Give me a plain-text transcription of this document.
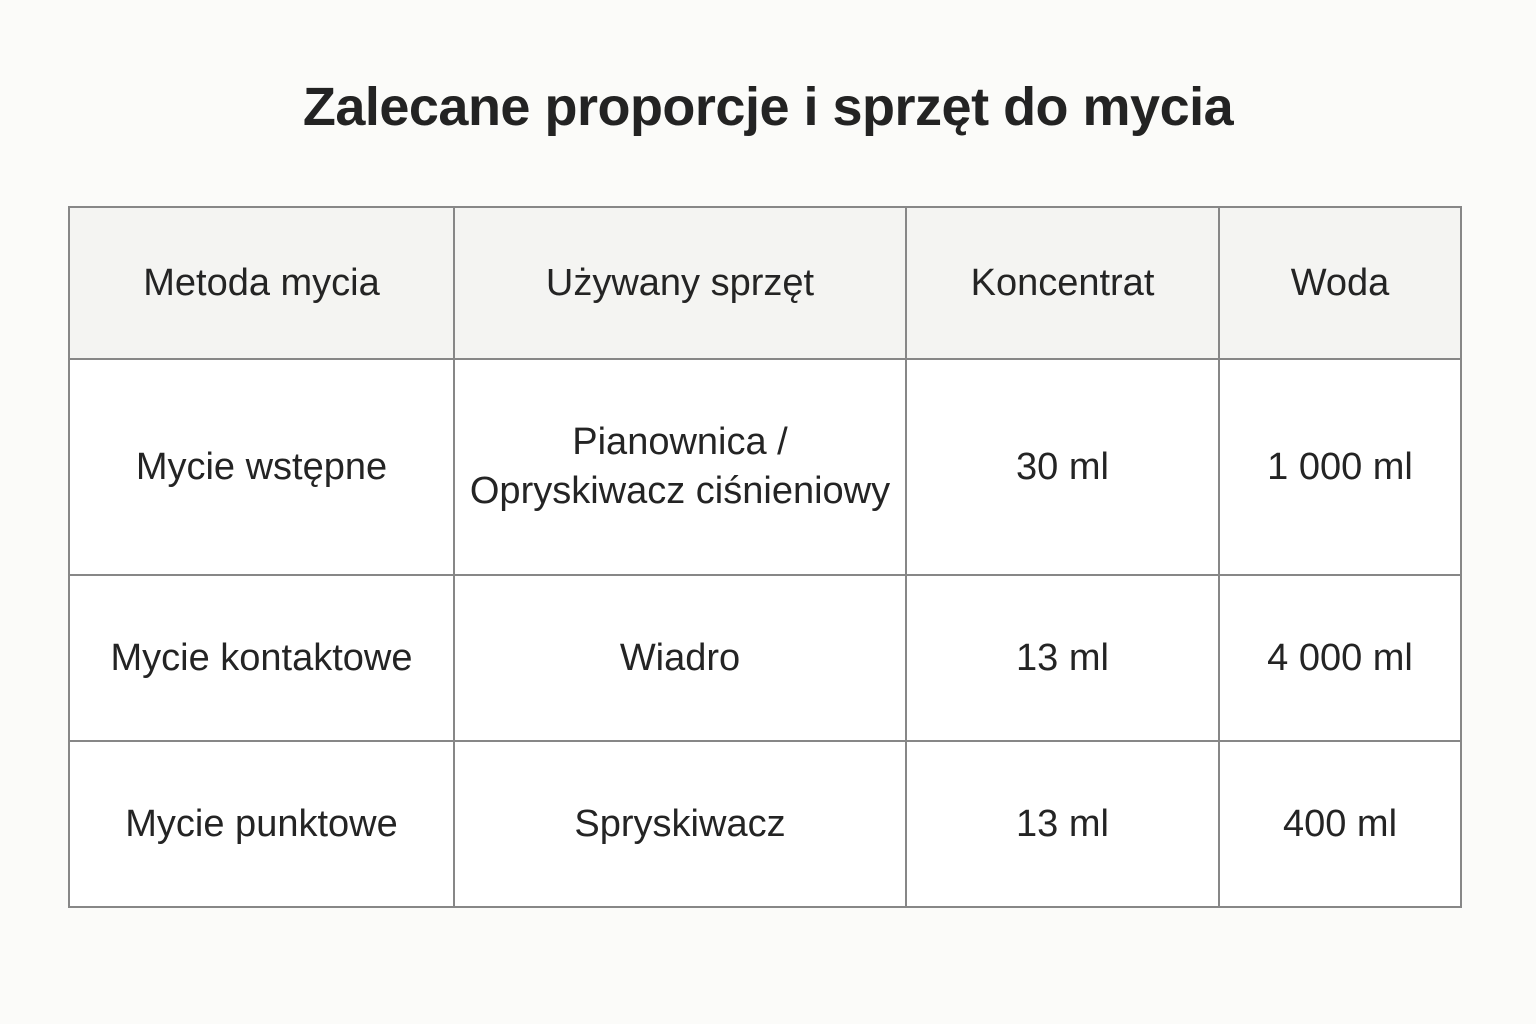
Zalecane proporcje i sprzęt do mycia
Metoda mycia	Używany sprzęt	Koncentrat	Woda
Mycie wstępne	Pianownica / Opryskiwacz ciśnieniowy	30 ml	1 000 ml
Mycie kontaktowe	Wiadro	13 ml	4 000 ml
Mycie punktowe	Spryskiwacz	13 ml	400 ml
